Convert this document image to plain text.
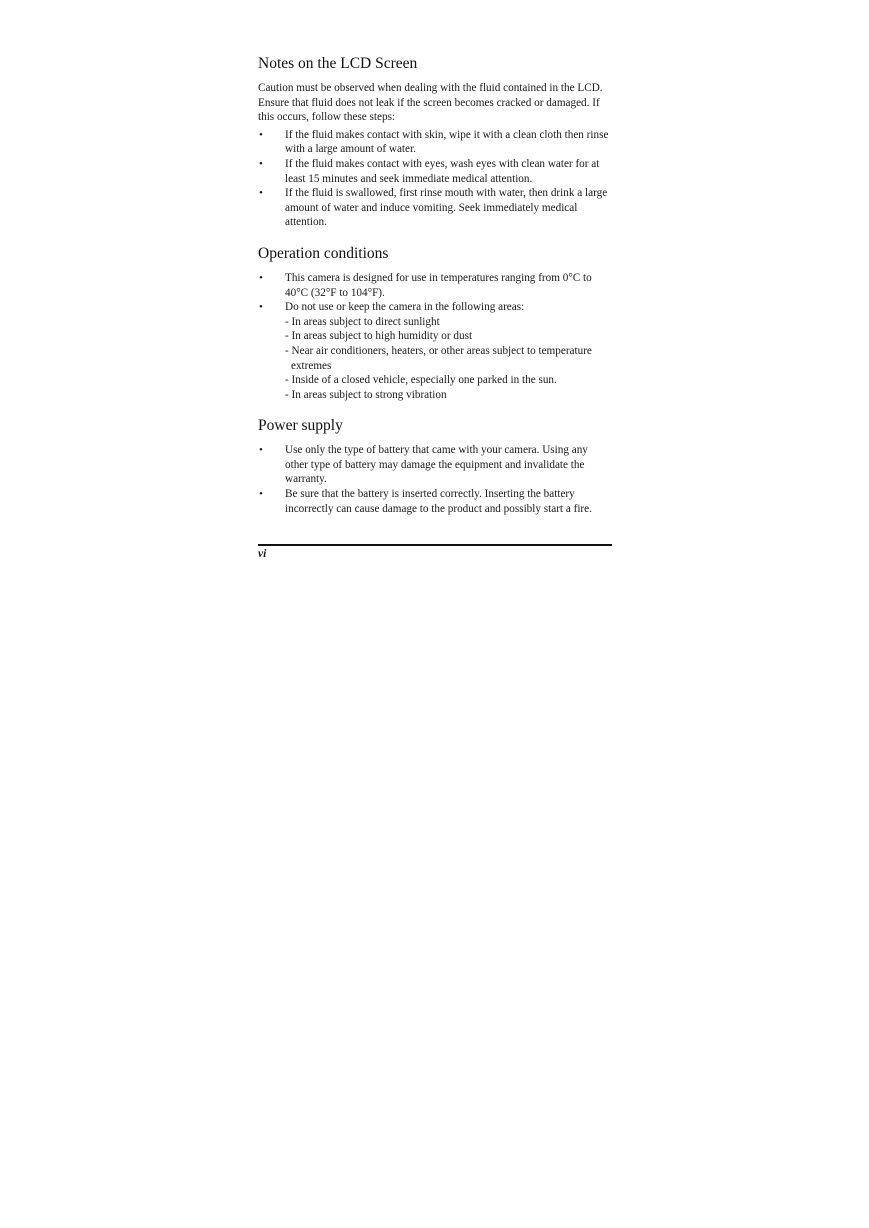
Notes on the LCD Screen

Caution must be observed when dealing with the fluid contained in the LCD. Ensure that fluid does not leak if the screen becomes cracked or damaged. If this occurs, follow these steps:

• If the fluid makes contact with skin, wipe it with a clean cloth then rinse with a large amount of water.
• If the fluid makes contact with eyes, wash eyes with clean water for at least 15 minutes and seek immediate medical attention.
• If the fluid is swallowed, first rinse mouth with water, then drink a large amount of water and induce vomiting. Seek immediately medical attention.
Operation conditions
• This camera is designed for use in temperatures ranging from 0°C to 40°C (32°F to 104°F).
• Do not use or keep the camera in the following areas:
- In areas subject to direct sunlight
- In areas subject to high humidity or dust
- Near air conditioners, heaters, or other areas subject to temperature extremes
- Inside of a closed vehicle, especially one parked in the sun.
- In areas subject to strong vibration
Power supply
• Use only the type of battery that came with your camera. Using any other type of battery may damage the equipment and invalidate the warranty.
• Be sure that the battery is inserted correctly. Inserting the battery incorrectly can cause damage to the product and possibly start a fire.
vi
